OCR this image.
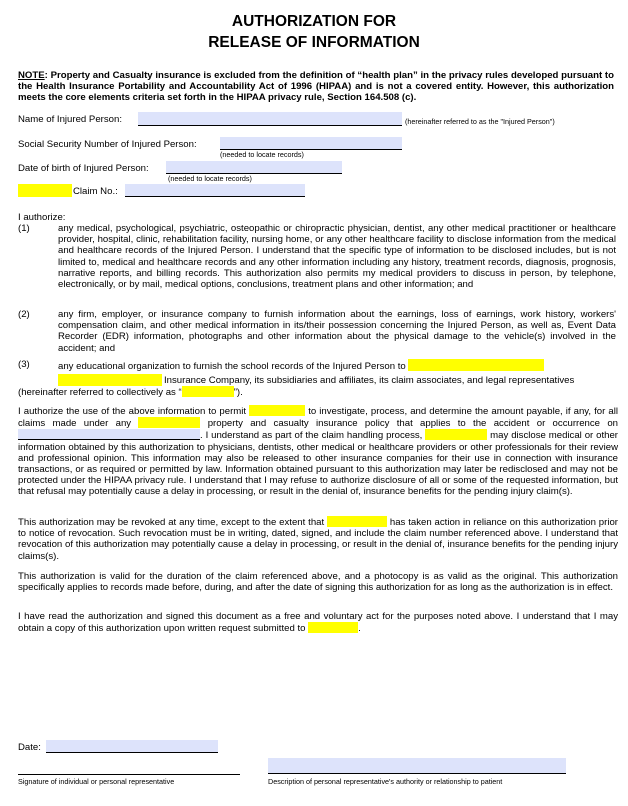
AUTHORIZATION FOR
RELEASE OF INFORMATION
NOTE: Property and Casualty insurance is excluded from the definition of “health plan” in the privacy rules developed pursuant to the Health Insurance Portability and Accountability Act of 1996 (HIPAA) and is not a covered entity. However, this authorization meets the core elements criteria set forth in the HIPAA privacy rule, Section 164.508 (c).
Name of Injured Person:	(hereinafter referred to as the "Injured Person")
Social Security Number of Injured Person:
(needed to locate records)
Date of birth of Injured Person:
(needed to locate records)
Claim No.:
I authorize:
(1)	any medical, psychological, psychiatric, osteopathic or chiropractic physician, dentist, any other medical practitioner or healthcare provider, hospital, clinic, rehabilitation facility, nursing home, or any other healthcare facility to disclose information from the medical and healthcare records of the Injured Person. I understand that the specific type of information to be disclosed includes, but is not limited to, medical and healthcare records and any other information including any history, treatment records, diagnosis, prognosis, narrative reports, and billing records. This authorization also permits my medical providers to discuss in person, by telephone, electronically, or by mail, medical options, conclusions, treatment plans and other information; and
(2)	any firm, employer, or insurance company to furnish information about the earnings, loss of earnings, work history, workers' compensation claim, and other medical information in its/their possession concerning the Injured Person, as well as, Event Data Recorder (EDR) information, photographs and other information about the physical damage to the vehicle(s) involved in the accident; and
(3)	any educational organization to furnish the school records of the Injured Person to
Insurance Company, its subsidiaries and affiliates, its claim associates, and legal representatives
(hereinafter referred to collectively as “	”).
I authorize the use of the above information to permit	to investigate, process, and determine the amount payable, if any, for all claims made under any	property and casualty insurance policy that applies to the accident or occurrence on . I understand as part of the claim handling process,	may disclose medical or other information obtained by this authorization to physicians, dentists, other medical or healthcare providers or other professionals for their review and professional opinion. This information may also be released to other insurance companies for their use in connection with insurance transactions, or as required or permitted by law. Information obtained pursuant to this authorization may later be redisclosed and may not be protected under the HIPAA privacy rule. I understand that I may refuse to authorize disclosure of all or some of the requested information, but that refusal may potentially cause a delay in processing, or result in the denial of, insurance benefits for the pending injury claim(s).
This authorization may be revoked at any time, except to the extent that	has taken action in reliance on this authorization prior to notice of revocation. Such revocation must be in writing, dated, signed, and include the claim number referenced above. I understand that revocation of this authorization may potentially cause a delay in processing, or result in the denial of, insurance benefits for the pending injury claims(s).
This authorization is valid for the duration of the claim referenced above, and a photocopy is as valid as the original. This authorization specifically applies to records made before, during, and after the date of signing this authorization for as long as the authorization is in effect.
I have read the authorization and signed this document as a free and voluntary act for the purposes noted above. I understand that I may obtain a copy of this authorization upon written request submitted to	.
Date:
Signature of individual or personal representative	Description of personal representative's authority or relationship to patient
